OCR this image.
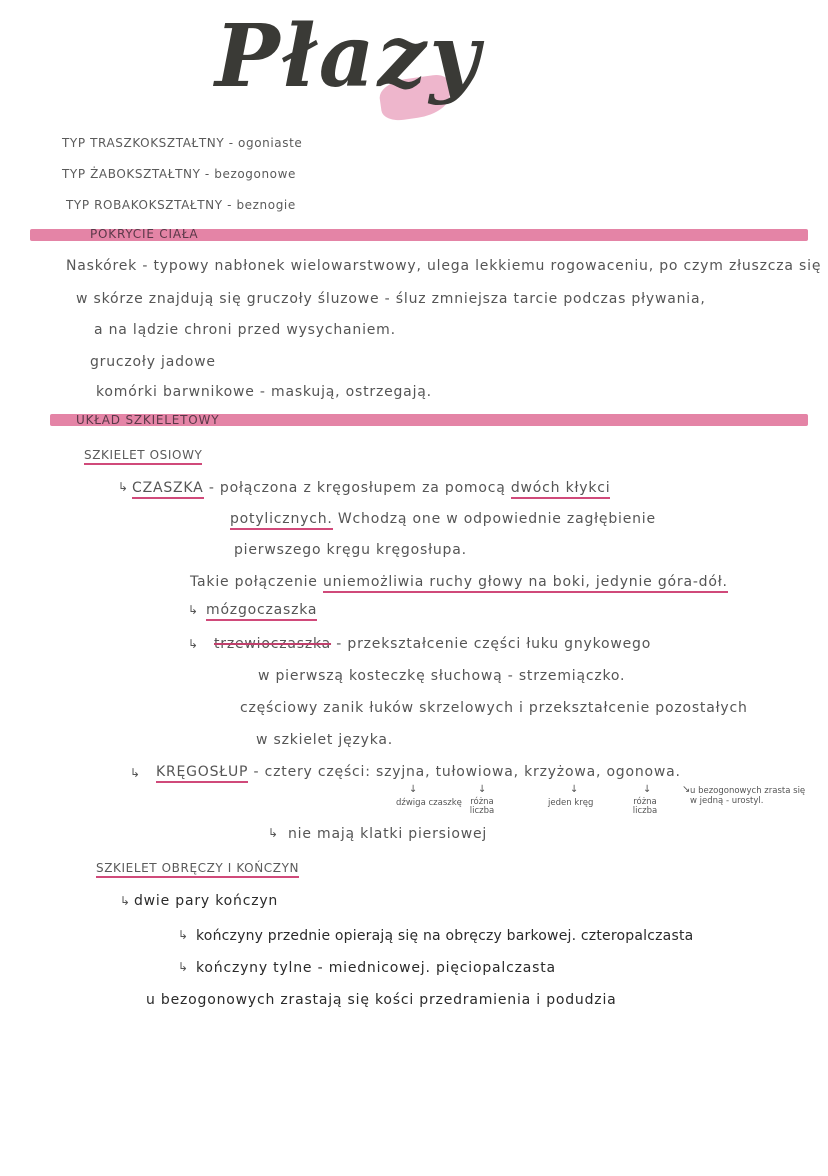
Płazy
TYP TRASZKOKSZTAŁTNY - ogoniaste
TYP ŻABOKSZTAŁTNY - bezogonowe
TYP ROBAKOKSZTAŁTNY - beznogie
POKRYCIE CIAŁA
Naskórek - typowy nabłonek wielowarstwowy, ulega lekkiemu rogowaceniu, po czym złuszcza się
w skórze znajdują się gruczoły śluzowe - śluz zmniejsza tarcie podczas pływania,
a na lądzie chroni przed wysychaniem.
gruczoły jadowe
komórki barwnikowe - maskują, ostrzegają.
UKŁAD SZKIELETOWY
SZKIELET OSIOWY
↳ CZASZKA - połączona z kręgosłupem za pomocą dwóch kłykci
potylicznych. Wchodzą one w odpowiednie zagłębienie
pierwszego kręgu kręgosłupa.
Takie połączenie uniemożliwia ruchy głowy na boki, jedynie góra-dół.
↳ mózgoczaszka
↳ trzewioczaszka - przekształcenie części łuku gnykowego
w pierwszą kosteczkę słuchową - strzemiączko.
częściowy zanik łuków skrzelowych i przekształcenie pozostałych
w szkielet języka.
↳ KRĘGOSŁUP - cztery części: szyjna, tułowiowa, krzyżowa, ogonowa.
↓	↓	↓	↓	↘
dźwiga czaszkę różna liczba
jeden kręg	różna liczba
u bezogonowych zrasta się w jedną - urostyl.
↳ nie mają klatki piersiowej
SZKIELET OBRĘCZY I KOŃCZYN
↳ dwie pary kończyn
↳ kończyny przednie opierają się na obręczy barkowej. czteropalczasta
↳ kończyny tylne - miednicowej. pięciopalczasta
u bezogonowych zrastają się kości przedramienia i podudzia
